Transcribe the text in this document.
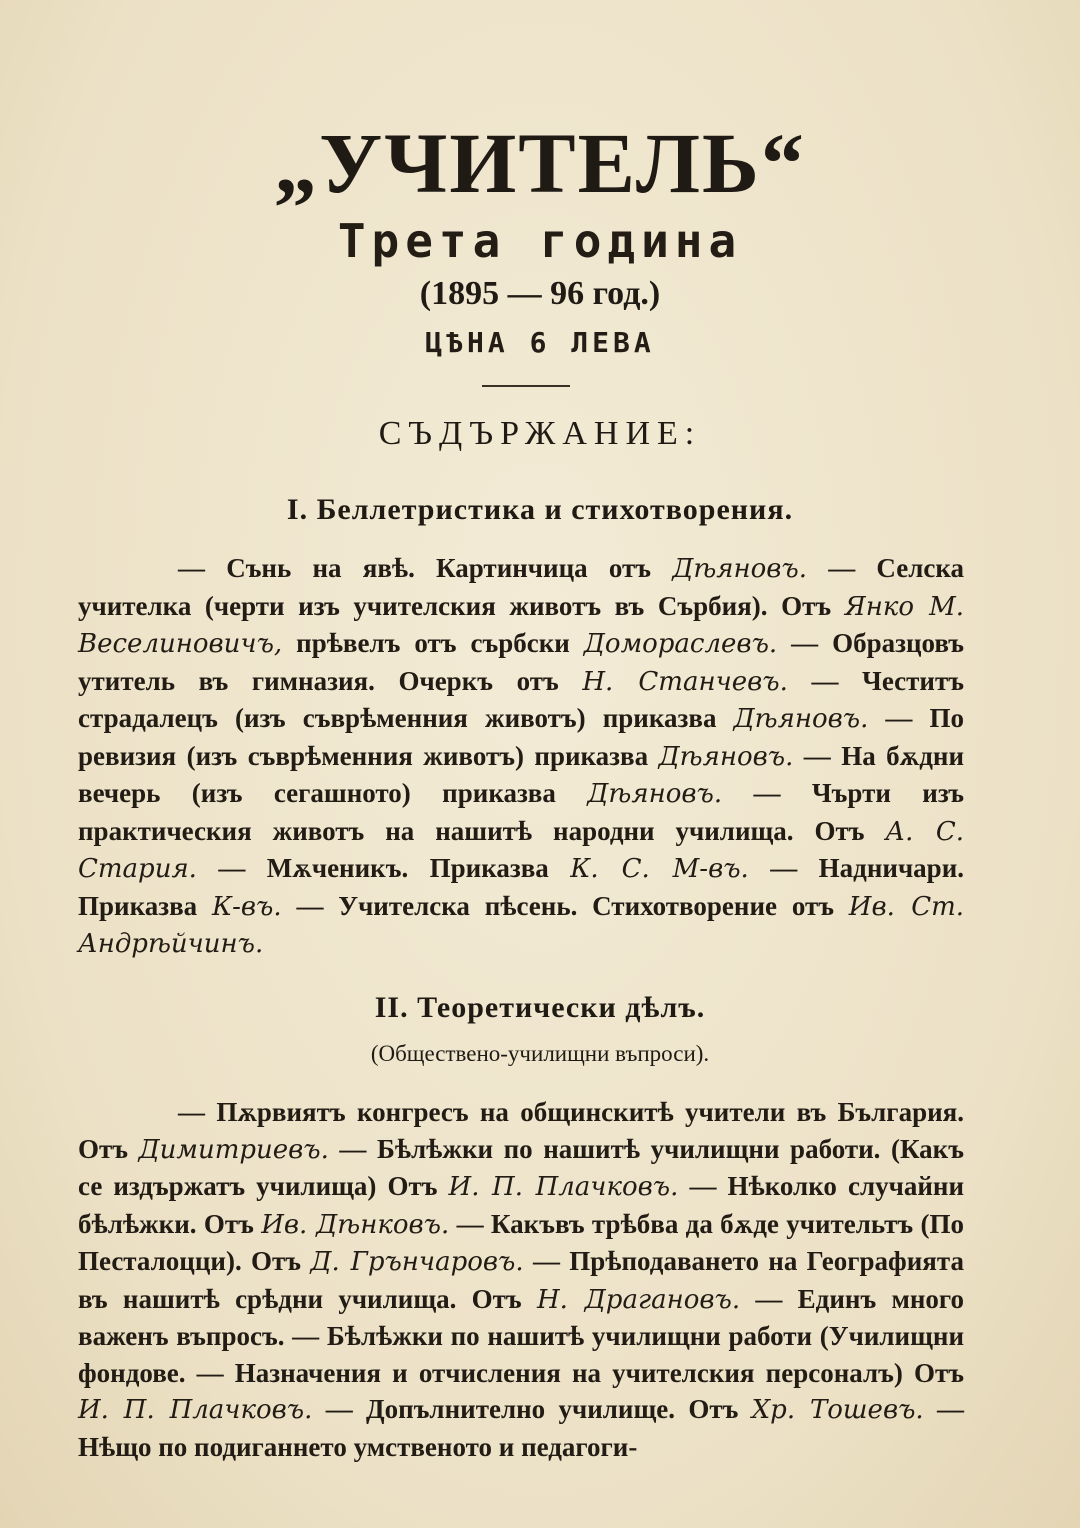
„УЧИТЕЛЬ“
Трета година
(1895 — 96 год.)
ЦѢНА 6 ЛЕВА
СЪДЪРЖАНИЕ:
I. Беллетристика и стихотворения.
— Сънь на явѣ. Картинчица отъ Дѣяновъ. — Селска учителка (черти изъ учителския животъ въ Сърбия). Отъ Янко М. Веселиновичъ, прѣвелъ отъ сърбски Домораслевъ. — Образцовъ утитель въ гимназия. Очеркъ отъ Н. Станчевъ. — Честитъ страдалецъ (изъ съврѣменния животъ) приказва Дѣяновъ. — По ревизия (изъ съврѣменния животъ) приказва Дѣяновъ. — На бѫдни вечерь (изъ сегашното) приказва Дѣяновъ. — Чърти изъ практическия животъ на нашитѣ народни училища. Отъ А. С. Стария. — Мѫченикъ. Приказва К. С. М-въ. — Надничари. Приказва К-въ. — Учителска пѣсень. Стихотворение отъ Ив. Ст. Андрѣйчинъ.
II. Теоретически дѣлъ.
(Обществено-училищни въпроси).
— Пѫрвиятъ конгресъ на общинскитѣ учители въ България. Отъ Димитриевъ. — Бѣлѣжки по нашитѣ училищни работи. (Какъ се издържатъ училища) Отъ И. П. Плачковъ. — Нѣколко случайни бѣлѣжки. Отъ Ив. Дѣнковъ. — Какъвъ трѣбва да бѫде учительтъ (По Песталоцци). Отъ Д. Грънчаровъ. — Прѣподаването на Географията въ нашитѣ срѣдни училища. Отъ Н. Драгановъ. — Единъ много важенъ въпросъ. — Бѣлѣжки по нашитѣ училищни работи (Училищни фондове. — Назначения и отчисления на учителския персоналъ) Отъ И. П. Плачковъ. — Допълнително училище. Отъ Хр. Тошевъ. — Нѣщо по подиганнето умственото и педагоги-
